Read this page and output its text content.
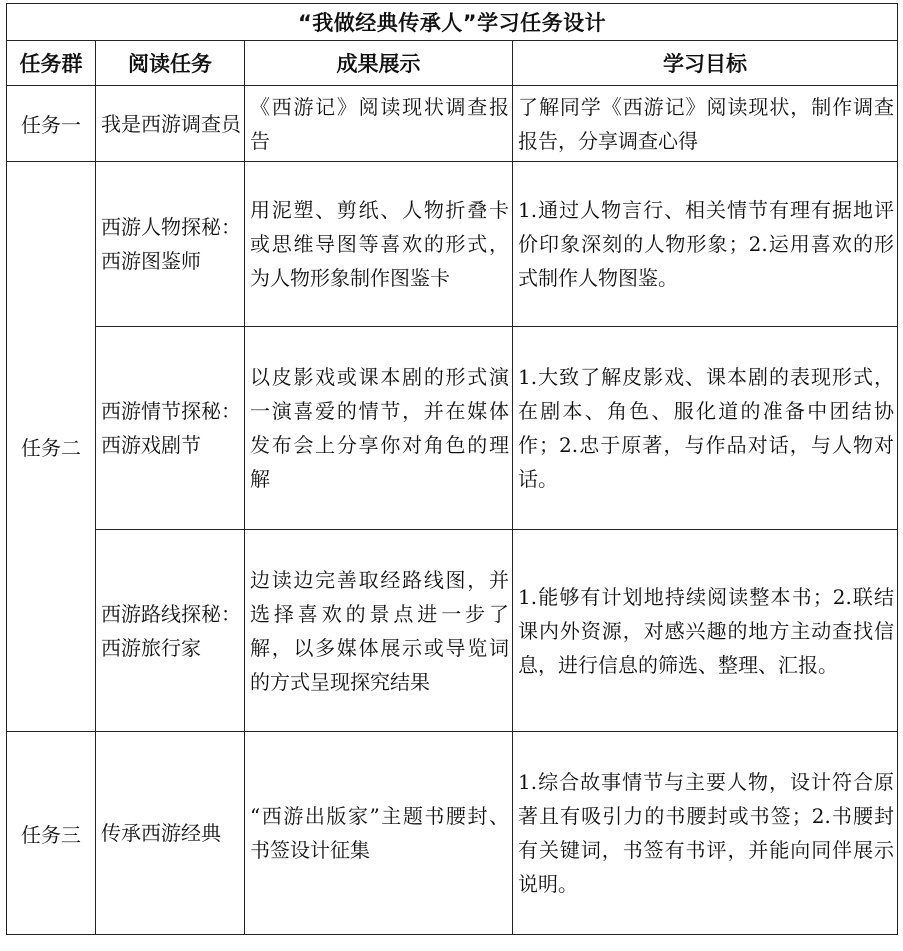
“我做经典传承人”学习任务设计			
任务群	阅读任务	成果展示	学习目标
任务一	我是西游调查员	《西游记》阅读现状调查报告	了解同学《西游记》阅读现状，制作调查报告，分享调查心得
任务二	西游人物探秘：西游图鉴师	用泥塑、剪纸、人物折叠卡或思维导图等喜欢的形式，为人物形象制作图鉴卡	1.通过人物言行、相关情节有理有据地评价印象深刻的人物形象；2.运用喜欢的形式制作人物图鉴。
	西游情节探秘：西游戏剧节	以皮影戏或课本剧的形式演一演喜爱的情节，并在媒体发布会上分享你对角色的理解	1.大致了解皮影戏、课本剧的表现形式，在剧本、角色、服化道的准备中团结协作；2.忠于原著，与作品对话，与人物对话。
	西游路线探秘：西游旅行家	边读边完善取经路线图，并选择喜欢的景点进一步了解，以多媒体展示或导览词的方式呈现探究结果	1.能够有计划地持续阅读整本书；2.联结课内外资源，对感兴趣的地方主动查找信息，进行信息的筛选、整理、汇报。
任务三	传承西游经典	“西游出版家”主题书腰封、书签设计征集	1.综合故事情节与主要人物，设计符合原著且有吸引力的书腰封或书签；2.书腰封有关键词，书签有书评，并能向同伴展示说明。
